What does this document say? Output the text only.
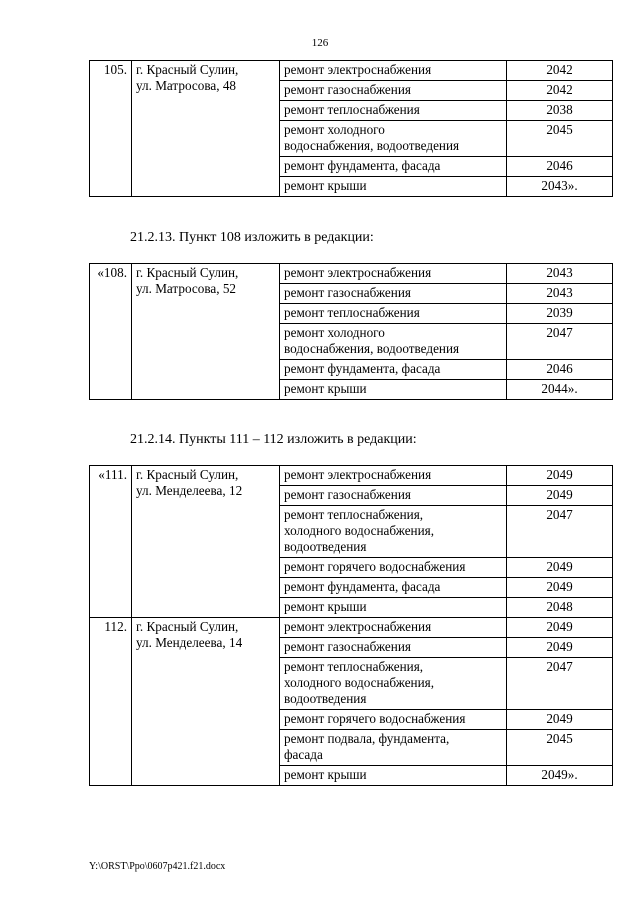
126
105.	г. Красный Сулин,
ул. Матросова, 48	ремонт электроснабжения	2042
		ремонт газоснабжения	2042
		ремонт теплоснабжения	2038
		ремонт холодного
водоснабжения, водоотведения	2045
		ремонт фундамента, фасада	2046
		ремонт крыши	2043».
21.2.13. Пункт 108 изложить в редакции:
«108.	г. Красный Сулин,
ул. Матросова, 52	ремонт электроснабжения	2043
		ремонт газоснабжения	2043
		ремонт теплоснабжения	2039
		ремонт холодного
водоснабжения, водоотведения	2047
		ремонт фундамента, фасада	2046
		ремонт крыши	2044».
21.2.14. Пункты 111 – 112 изложить в редакции:
«111.	г. Красный Сулин,
ул. Менделеева, 12	ремонт электроснабжения	2049
		ремонт газоснабжения	2049
		ремонт теплоснабжения,
холодного водоснабжения,
водоотведения	2047
		ремонт горячего водоснабжения	2049
		ремонт фундамента, фасада	2049
		ремонт крыши	2048
112.	г. Красный Сулин,
ул. Менделеева, 14	ремонт электроснабжения	2049
		ремонт газоснабжения	2049
		ремонт теплоснабжения,
холодного водоснабжения,
водоотведения	2047
		ремонт горячего водоснабжения	2049
		ремонт подвала, фундамента,
фасада	2045
		ремонт крыши	2049».
Y:\ORST\Ppo\0607p421.f21.docx
